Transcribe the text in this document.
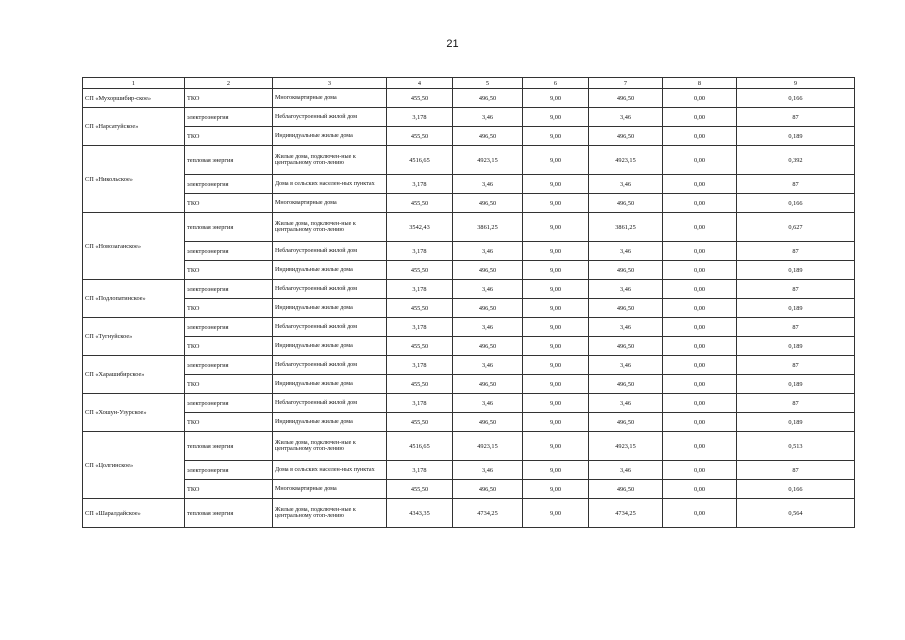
21
1	2	3	4	5	6	7	8	9
СП «Мухоршибир-ское»	ТКО	Многоквартирные дома	455,50	496,50	9,00	496,50	0,00	0,166
СП «Нарсатуйское»	электроэнергия	Неблагоустроенный жилой дом	3,178	3,46	9,00	3,46	0,00	87
	ТКО	Индивидуальные жилые дома	455,50	496,50	9,00	496,50	0,00	0,189
СП «Никольское»	тепловая энергия	Жилые дома, подключен-ные к центральному отоп-лению	4516,65	4923,15	9,00	4923,15	0,00	0,392
	электроэнергия	Дома в сельских населен-ных пунктах	3,178	3,46	9,00	3,46	0,00	87
	ТКО	Многоквартирные дома	455,50	496,50	9,00	496,50	0,00	0,166
СП «Новозаганское»	тепловая энергия	Жилые дома, подключен-ные к центральному отоп-лению	3542,43	3861,25	9,00	3861,25	0,00	0,627
	электроэнергия	Неблагоустроенный жилой дом	3,178	3,46	9,00	3,46	0,00	87
	ТКО	Индивидуальные жилые дома	455,50	496,50	9,00	496,50	0,00	0,189
СП «Подлопатинское»	электроэнергия	Неблагоустроенный жилой дом	3,178	3,46	9,00	3,46	0,00	87
	ТКО	Индивидуальные жилые дома	455,50	496,50	9,00	496,50	0,00	0,189
СП «Тугнуйское»	электроэнергия	Неблагоустроенный жилой дом	3,178	3,46	9,00	3,46	0,00	87
	ТКО	Индивидуальные жилые дома	455,50	496,50	9,00	496,50	0,00	0,189
СП «Харашибирское»	электроэнергия	Неблагоустроенный жилой дом	3,178	3,46	9,00	3,46	0,00	87
	ТКО	Индивидуальные жилые дома	455,50	496,50	9,00	496,50	0,00	0,189
СП «Хошун-Узурское»	электроэнергия	Неблагоустроенный жилой дом	3,178	3,46	9,00	3,46	0,00	87
	ТКО	Индивидуальные жилые дома	455,50	496,50	9,00	496,50	0,00	0,189
СП «Цолгинское»	тепловая энергия	Жилые дома, подключен-ные к центральному отоп-лению	4516,65	4923,15	9,00	4923,15	0,00	0,513
	электроэнергия	Дома в сельских населен-ных пунктах	3,178	3,46	9,00	3,46	0,00	87
	ТКО	Многоквартирные дома	455,50	496,50	9,00	496,50	0,00	0,166
СП «Шаралдайское»	тепловая энергия	Жилые дома, подключен-ные к центральному отоп-лению	4343,35	4734,25	9,00	4734,25	0,00	0,564
